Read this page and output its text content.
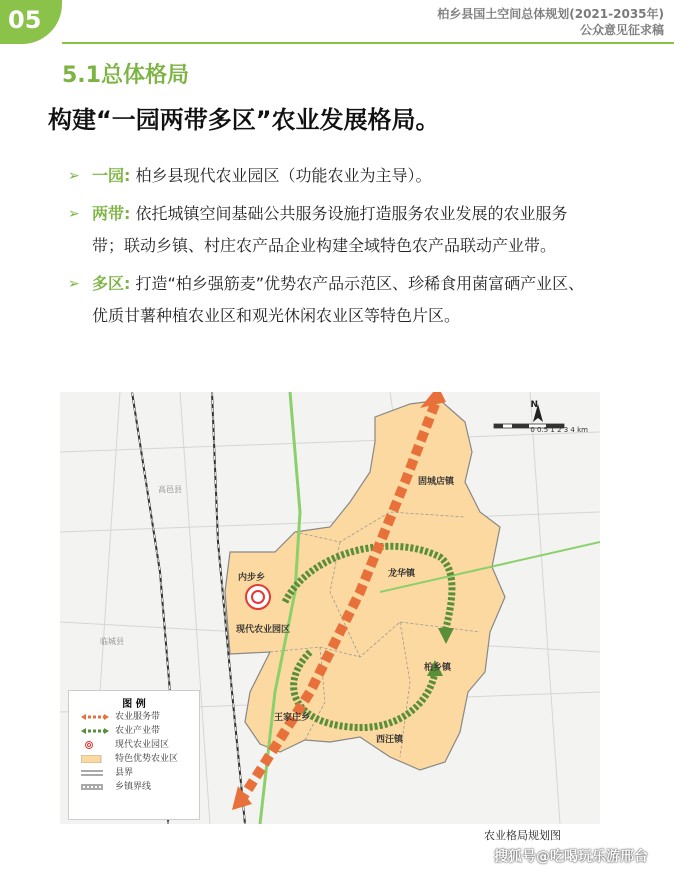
05	柏乡县国土空间总体规划(2021-2035年)
公众意见征求稿
5.1总体格局
构建“一园两带多区”农业发展格局。
➢ 一园: 柏乡县现代农业园区（功能农业为主导）。
➢ 两带: 依托城镇空间基础公共服务设施打造服务农业发展的农业服务带；联动乡镇、村庄农产品企业构建全域特色农产品联动产业带。
➢ 多区: 打造“柏乡强筋麦”优势农产品示范区、珍稀食用菌富硒产业区、优质甘薯种植农业区和观光休闲农业区等特色片区。
N
0 0.5 1 2 3 4 km
固城店镇
内步乡	龙华镇
现代农业园区
柏乡镇
王家庄乡
西汪镇
高邑县
临城县
图 例
农业服务带
农业产业带
现代农业园区
特色优势农业区
县界
乡镇界线
农业格局规划图
搜狐号@吃喝玩乐游邢台
